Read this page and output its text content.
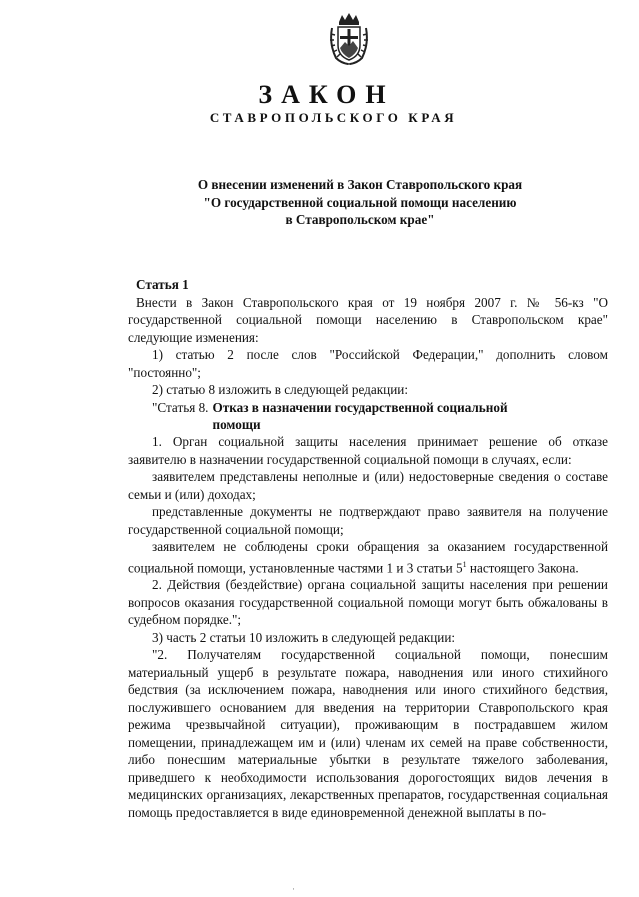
ЗАКОН
СТАВРОПОЛЬСКОГО КРАЯ
О внесении изменений в Закон Ставропольского края
"О государственной социальной помощи населению
в Ставропольском крае"

Статья 1

Внести в Закон Ставропольского края от 19 ноября 2007 г. № 56-кз "О государственной социальной помощи населению в Ставропольском крае" следующие изменения:

1) статью 2 после слов "Российской Федерации," дополнить словом "постоянно";

2) статью 8 изложить в следующей редакции:

"Статья 8. Отказ в назначении государственной социальной помощи

1. Орган социальной защиты населения принимает решение об отказе заявителю в назначении государственной социальной помощи в случаях, если:

заявителем представлены неполные и (или) недостоверные сведения о составе семьи и (или) доходах;

представленные документы не подтверждают право заявителя на получение государственной социальной помощи;

заявителем не соблюдены сроки обращения за оказанием государственной социальной помощи, установленные частями 1 и 3 статьи $5^1$ настоящего Закона.

2. Действия (бездействие) органа социальной защиты населения при решении вопросов оказания государственной социальной помощи могут быть обжалованы в судебном порядке.";

3) часть 2 статьи 10 изложить в следующей редакции:

"2. Получателям государственной социальной помощи, понесшим материальный ущерб в результате пожара, наводнения или иного стихийного бедствия (за исключением пожара, наводнения или иного стихийного бедствия, послужившего основанием для введения на территории Ставропольского края режима чрезвычайной ситуации), проживающим в пострадавшем жилом помещении, принадлежащем им и (или) членам их семей на праве собственности, либо понесшим материальные убытки в результате тяжелого заболевания, приведшего к необходимости использования дорогостоящих видов лечения в медицинских организациях, лекарственных препаратов, государственная социальная помощь предоставляется в виде единовременной денежной выплаты в по-

·
